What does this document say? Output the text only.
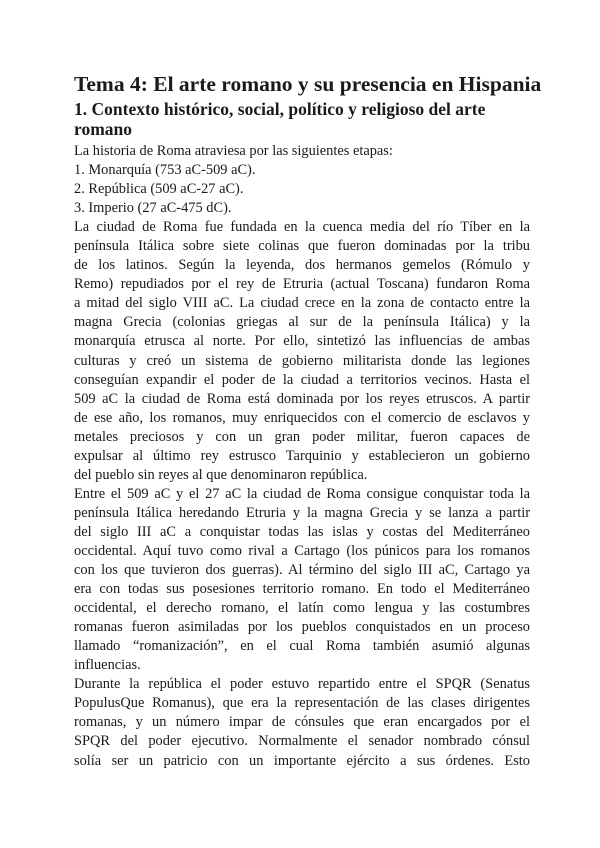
Tema 4: El arte romano y su presencia en Hispania
1. Contexto histórico, social, político y religioso del arte
romano
La historia de Roma atraviesa por las siguientes etapas:
1. Monarquía (753 aC-509 aC).
2. República (509 aC-27 aC).
3. Imperio (27 aC-475 dC).
La ciudad de Roma fue fundada en la cuenca media del río Tíber en la
península Itálica sobre siete colinas que fueron dominadas por la tribu
de los latinos. Según la leyenda, dos hermanos gemelos (Rómulo y
Remo) repudiados por el rey de Etruria (actual Toscana) fundaron Roma
a mitad del siglo VIII aC. La ciudad crece en la zona de contacto entre la
magna Grecia (colonias griegas al sur de la península Itálica) y la
monarquía etrusca al norte. Por ello, sintetizó las influencias de ambas
culturas y creó un sistema de gobierno militarista donde las legiones
conseguían expandir el poder de la ciudad a territorios vecinos. Hasta el
509 aC la ciudad de Roma está dominada por los reyes etruscos. A partir
de ese año, los romanos, muy enriquecidos con el comercio de esclavos y
metales preciosos y con un gran poder militar, fueron capaces de
expulsar al último rey estrusco Tarquinio y establecieron un gobierno
del pueblo sin reyes al que denominaron república.
Entre el 509 aC y el 27 aC la ciudad de Roma consigue conquistar toda la
península Itálica heredando Etruria y la magna Grecia y se lanza a partir
del siglo III aC a conquistar todas las islas y costas del Mediterráneo
occidental. Aquí tuvo como rival a Cartago (los púnicos para los romanos
con los que tuvieron dos guerras). Al término del siglo III aC, Cartago ya
era con todas sus posesiones territorio romano. En todo el Mediterráneo
occidental, el derecho romano, el latín como lengua y las costumbres
romanas fueron asimiladas por los pueblos conquistados en un proceso
llamado “romanización”, en el cual Roma también asumió algunas
influencias.
Durante la república el poder estuvo repartido entre el SPQR (Senatus
PopulusQue Romanus), que era la representación de las clases dirigentes
romanas, y un número impar de cónsules que eran encargados por el
SPQR del poder ejecutivo. Normalmente el senador nombrado cónsul
solía ser un patricio con un importante ejército a sus órdenes. Esto
